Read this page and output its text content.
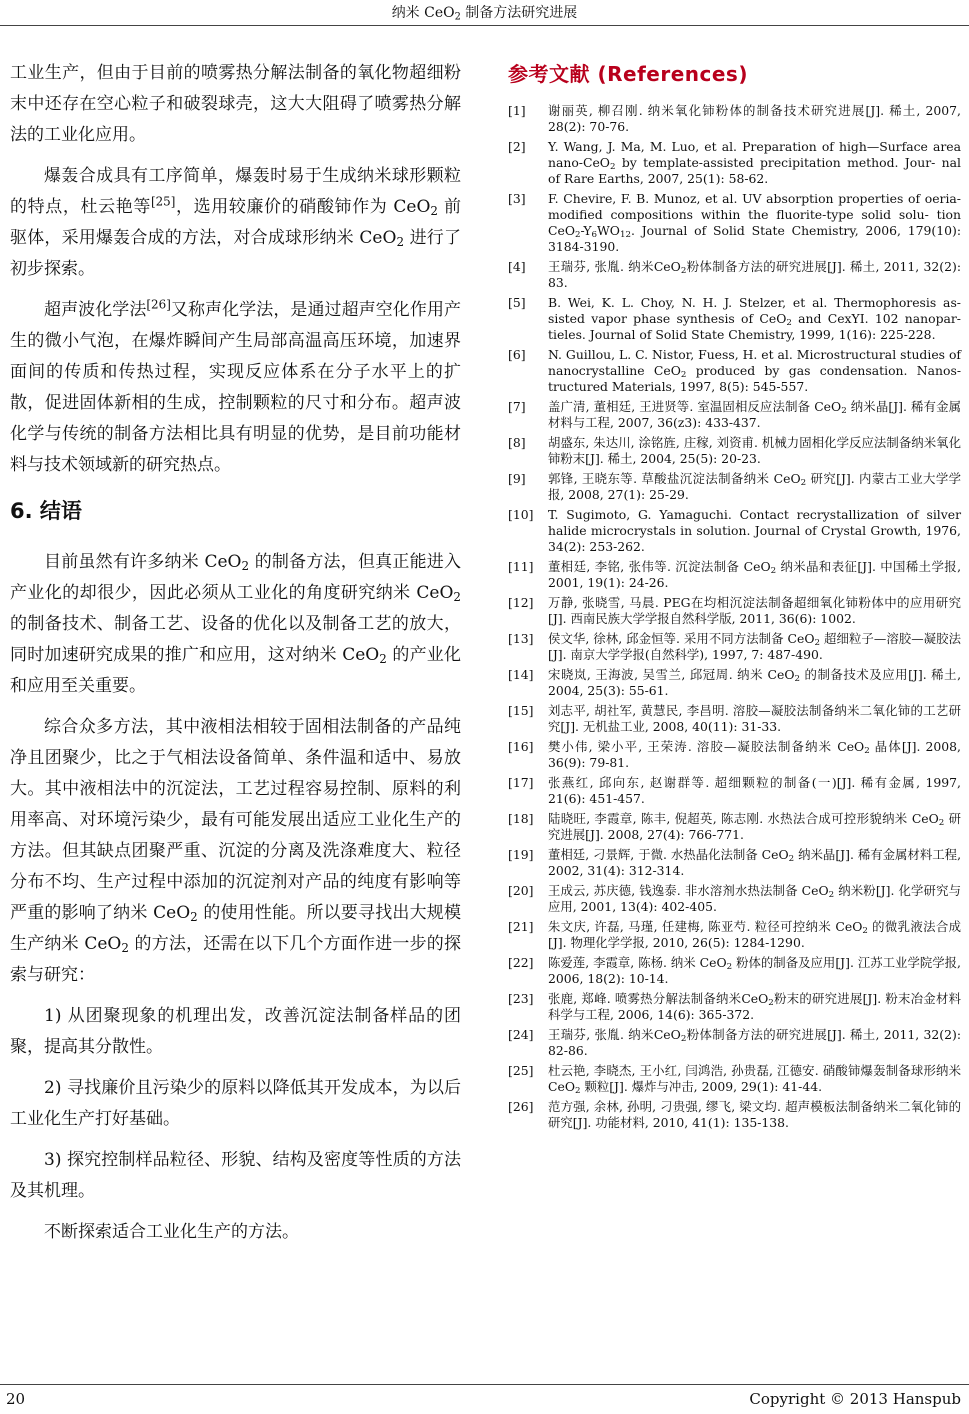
纳米 CeO$_2$ 制备方法研究进展

工业生产，但由于目前的喷雾热分解法制备的氧化物超细粉末中还存在空心粒子和破裂球壳，这大大阻碍了喷雾热分解法的工业化应用。

爆轰合成具有工序简单，爆轰时易于生成纳米球形颗粒的特点，杜云艳等[25]，选用较廉价的硝酸铈作为 CeO$_2$ 前驱体，采用爆轰合成的方法，对合成球形纳米 CeO$_2$ 进行了初步探索。

超声波化学法[26]又称声化学法，是通过超声空化作用产生的微小气泡，在爆炸瞬间产生局部高温高压环境，加速界面间的传质和传热过程，实现反应体系在分子水平上的扩散，促进固体新相的生成，控制颗粒的尺寸和分布。超声波化学与传统的制备方法相比具有明显的优势，是目前功能材料与技术领域新的研究热点。

6. 结语

目前虽然有许多纳米 CeO$_2$ 的制备方法，但真正能进入产业化的却很少，因此必须从工业化的角度研究纳米 CeO$_2$ 的制备技术、制备工艺、设备的优化以及制备工艺的放大，同时加速研究成果的推广和应用，这对纳米 CeO$_2$ 的产业化和应用至关重要。

综合众多方法，其中液相法相较于固相法制备的产品纯净且团聚少，比之于气相法设备简单、条件温和适中、易放大。其中液相法中的沉淀法，工艺过程容易控制、原料的利用率高、对环境污染少，最有可能发展出适应工业化生产的方法。但其缺点团聚严重、沉淀的分离及洗涤难度大、粒径分布不均、生产过程中添加的沉淀剂对产品的纯度有影响等严重的影响了纳米 CeO$_2$ 的使用性能。所以要寻找出大规模生产纳米 CeO$_2$ 的方法，还需在以下几个方面作进一步的探索与研究：

1) 从团聚现象的机理出发，改善沉淀法制备样品的团聚，提高其分散性。

2) 寻找廉价且污染少的原料以降低其开发成本，为以后工业化生产打好基础。

3) 探究控制样品粒径、形貌、结构及密度等性质的方法及其机理。

不断探索适合工业化生产的方法。

参考文献 (References)
[1]	谢丽英, 柳召刚. 纳米氧化铈粉体的制备技术研究进展[J]. 稀土, 2007, 28(2): 70-76.
[2]	Y. Wang, J. Ma, M. Luo, et al. Preparation of high—Surface area nano-CeO$_2$ by template-assisted precipitation method. Jour- nal of Rare Earths, 2007, 25(1): 58-62.
[3]	F. Chevire, F. B. Munoz, et al. UV absorption properties of oeria-modified compositions within the fluorite-type solid solu- tion $CeO_2-Y_6WO_{12}$. Journal of Solid State Chemistry, 2006, 179(10): 3184-3190.
[4]	王瑞芬, 张胤. 纳米CeO$_2$粉体制备方法的研究进展[J]. 稀土, 2011, 32(2): 83.
[5]	B. Wei, K. L. Choy, N. H. J. Stelzer, et al. Thermophoresis as- sisted vapor phase synthesis of CeO$_2$ and CexYI. 102 nanopar- tieles. Journal of Solid State Chemistry, 1999, 1(16): 225-228.
[6]	N. Guillou, L. C. Nistor, Fuess, H. et al. Microstructural studies of nanocrystalline CeO$_2$ produced by gas condensation. Nanos- tructured Materials, 1997, 8(5): 545-557.
[7]	盖广清, 董相廷, 王进贤等. 室温固相反应法制备 CeO$_2$ 纳米晶[J]. 稀有金属材料与工程, 2007, 36(z3): 433-437.
[8]	胡盛东, 朱达川, 涂铭旌, 庄稼, 刘资甫. 机械力固相化学反应法制备纳米氧化铈粉末[J]. 稀土, 2004, 25(5): 20-23.
[9]	郭锋, 王晓东等. 草酸盐沉淀法制备纳米 CeO$_2$ 研究[J]. 内蒙古工业大学学报, 2008, 27(1): 25-29.
[10]	T. Sugimoto, G. Yamaguchi. Contact recrystallization of silver halide microcrystals in solution. Journal of Crystal Growth, 1976, 34(2): 253-262.
[11]	董相廷, 李铭, 张伟等. 沉淀法制备 CeO$_2$ 纳米晶和表征[J]. 中国稀土学报, 2001, 19(1): 24-26.
[12]	万静, 张晓雪, 马晨. PEG在均相沉淀法制备超细氧化铈粉体中的应用研究[J]. 西南民族大学学报自然科学版, 2011, 36(6): 1002.
[13]	侯文华, 徐林, 邱金恒等. 采用不同方法制备 CeO$_2$ 超细粒子—溶胶—凝胶法[J]. 南京大学学报(自然科学), 1997, 7: 487-490.
[14]	宋晓岚, 王海波, 吴雪兰, 邱冠周. 纳米 CeO$_2$ 的制备技术及应用[J]. 稀土, 2004, 25(3): 55-61.
[15]	刘志平, 胡社军, 黄慧民, 李昌明. 溶胶—凝胶法制备纳米二氧化铈的工艺研究[J]. 无机盐工业, 2008, 40(11): 31-33.
[16]	樊小伟, 梁小平, 王荣涛. 溶胶—凝胶法制备纳米 CeO$_2$ 晶体[J]. 2008, 36(9): 79-81.
[17]	张燕红, 邱向东, 赵谢群等. 超细颗粒的制备(一)[J]. 稀有金属, 1997, 21(6): 451-457.
[18]	陆晓旺, 李霞章, 陈丰, 倪超英, 陈志刚. 水热法合成可控形貌纳米 CeO$_2$ 研究进展[J]. 2008, 27(4): 766-771.
[19]	董相廷, 刁景辉, 于微. 水热晶化法制备 CeO$_2$ 纳米晶[J]. 稀有金属材料工程, 2002, 31(4): 312-314.
[20]	王成云, 苏庆德, 钱逸泰. 非水溶剂水热法制备 CeO$_2$ 纳米粉[J]. 化学研究与应用, 2001, 13(4): 402-405.
[21]	朱文庆, 许磊, 马瑾, 任建梅, 陈亚芍. 粒径可控纳米 CeO$_2$ 的微乳液法合成[J]. 物理化学学报, 2010, 26(5): 1284-1290.
[22]	陈爱莲, 李霞章, 陈杨. 纳米 CeO$_2$ 粉体的制备及应用[J]. 江苏工业学院学报, 2006, 18(2): 10-14.
[23]	张鹿, 郑峰. 喷雾热分解法制备纳米CeO$_2$粉末的研究进展[J]. 粉末冶金材料科学与工程, 2006, 14(6): 365-372.
[24]	王瑞芬, 张胤. 纳米CeO$_2$粉体制备方法的研究进展[J]. 稀土, 2011, 32(2): 82-86.
[25]	杜云艳, 李晓杰, 王小红, 闫鸿浩, 孙贵磊, 江德安. 硝酸铈爆轰制备球形纳米 CeO$_2$ 颗粒[J]. 爆炸与冲击, 2009, 29(1): 41-44.
[26]	范方强, 余林, 孙明, 刁贵强, 缪飞, 梁文均. 超声模板法制备纳米二氧化铈的研究[J]. 功能材料, 2010, 41(1): 135-138.
20	Copyright © 2013 Hanspub
